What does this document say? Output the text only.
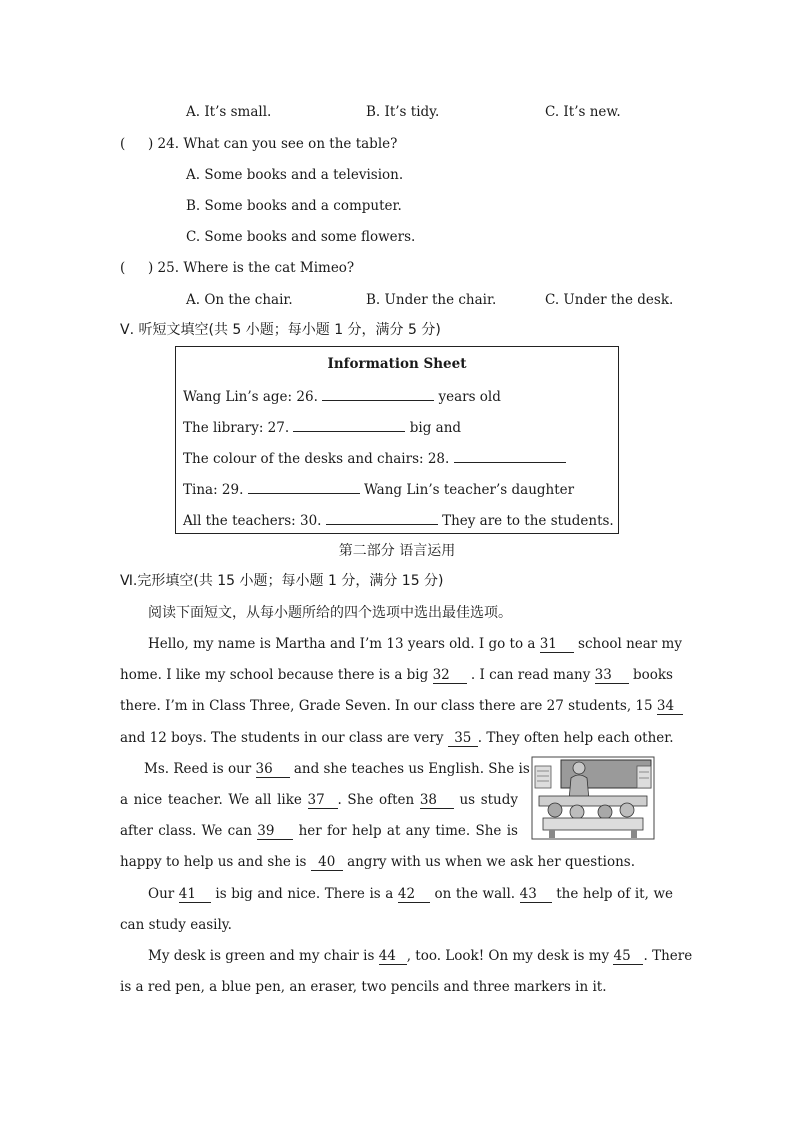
A. It’s small.	B. It’s tidy.	C. It’s new.
( ) 24. What can you see on the table?
A. Some books and a television.
B. Some books and a computer.
C. Some books and some flowers.
( ) 25. Where is the cat Mimeo?
A. On the chair.	B. Under the chair.	C. Under the desk.
Ⅴ. 听短文填空(共 5 小题；每小题 1 分，满分 5 分)
Information Sheet
Wang Lin’s age: 26.	years old
The library: 27.	big and
The colour of the desks and chairs: 28.
Tina: 29.	Wang Lin’s teacher’s daughter
All the teachers: 30.	They are to the students.
第二部分 语言运用
Ⅵ.完形填空(共 15 小题；每小题 1 分，满分 15 分)
阅读下面短文，从每小题所给的四个选项中选出最佳选项。
Hello, my name is Martha and I’m 13 years old. I go to a 31 school near my
home. I like my school because there is a big 32 . I can read many 33 books
there. I’m in Class Three, Grade Seven. In our class there are 27 students, 15 34
and 12 boys. The students in our class are very 35 . They often help each other.
Ms. Reed is our 36 and she teaches us English. She is
a nice teacher. We all like 37 . She often 38 us study
after class. We can 39 her for help at any time. She is
happy to help us and she is 40 angry with us when we ask her questions.
Our 41 is big and nice. There is a 42 on the wall. 43 the help of it, we
can study easily.
My desk is green and my chair is 44 , too. Look! On my desk is my 45 . There
is a red pen, a blue pen, an eraser, two pencils and three markers in it.
